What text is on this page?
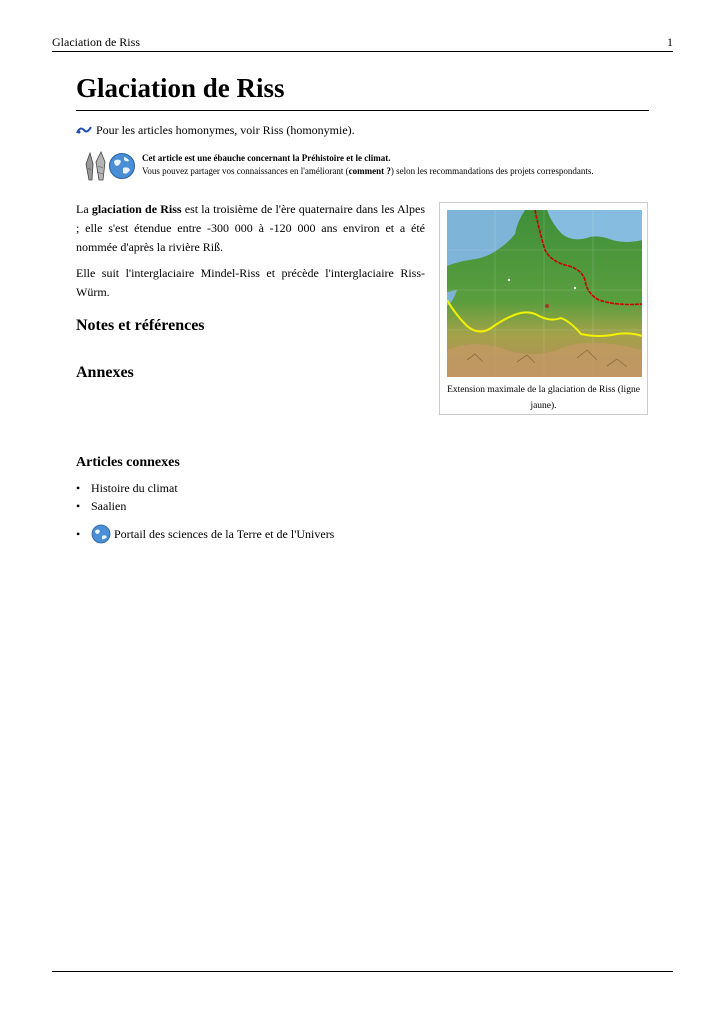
Glaciation de Riss	1
Glaciation de Riss
Pour les articles homonymes, voir Riss (homonymie).
Cet article est une ébauche concernant la Préhistoire et le climat.
Vous pouvez partager vos connaissances en l'améliorant (comment ?) selon les recommandations des projets correspondants.

La glaciation de Riss est la troisième de l'ère quaternaire dans les Alpes ; elle s'est étendue entre -300 000 à -120 000 ans environ et a été nommée d'après la rivière Riß.

Elle suit l'interglaciaire Mindel-Riss et précède l'interglaciaire Riss-Würm.

Notes et références
Annexes
Articles connexes
• Histoire du climat
• Saalien
•	Portail des sciences de la Terre et de l'Univers
Extension maximale de la glaciation de Riss (ligne jaune).
